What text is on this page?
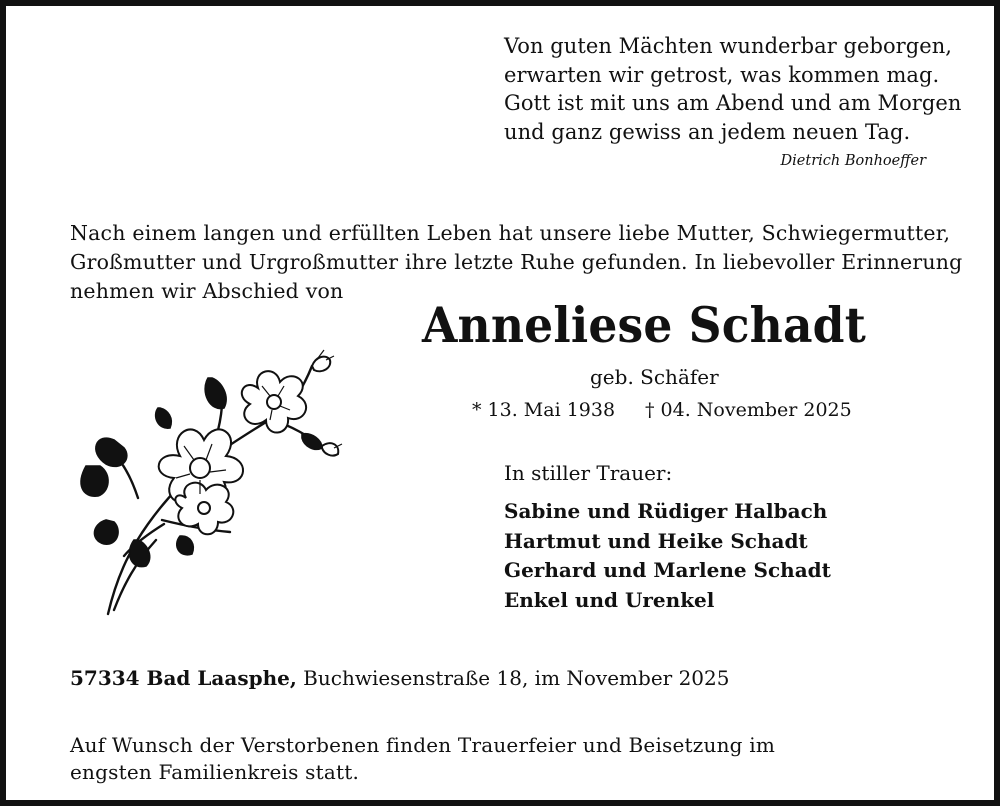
Von guten Mächten wunderbar geborgen,
erwarten wir getrost, was kommen mag.
Gott ist mit uns am Abend und am Morgen
und ganz gewiss an jedem neuen Tag.
Dietrich Bonhoeffer
Nach einem langen und erfüllten Leben hat unsere liebe Mutter, Schwiegermutter,
Großmutter und Urgroßmutter ihre letzte Ruhe gefunden. In liebevoller Erinnerung
nehmen wir Abschied von
Anneliese Schadt
geb. Schäfer
* 13. Mai 1938 † 04. November 2025
In stiller Trauer:
Sabine und Rüdiger Halbach
Hartmut und Heike Schadt
Gerhard und Marlene Schadt
Enkel und Urenkel
57334 Bad Laasphe, Buchwiesenstraße 18, im November 2025
Auf Wunsch der Verstorbenen finden Trauerfeier und Beisetzung im
engsten Familienkreis statt.
